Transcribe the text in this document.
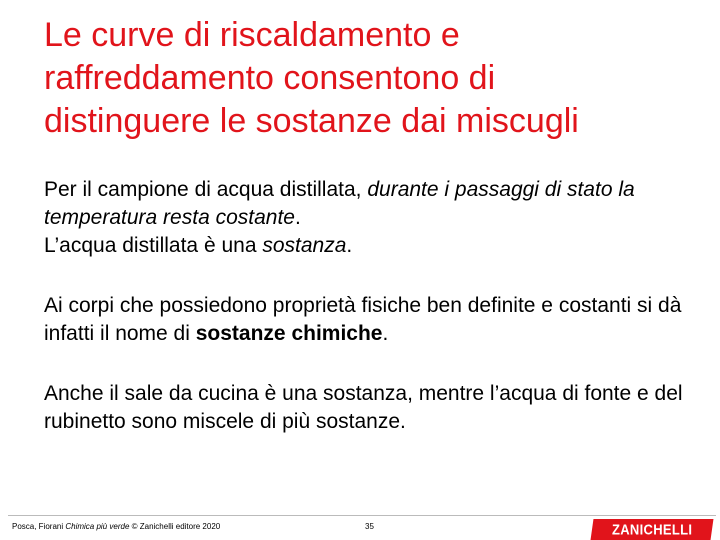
Le curve di riscaldamento e
raffreddamento consentono di
distinguere le sostanze dai miscugli

Per il campione di acqua distillata, durante i passaggi di stato la temperatura resta costante.
L’acqua distillata è una sostanza.

Ai corpi che possiedono proprietà fisiche ben definite e costanti si dà infatti il nome di sostanze chimiche.

Anche il sale da cucina è una sostanza, mentre l’acqua di fonte e del rubinetto sono miscele di più sostanze.

Posca, Fiorani Chimica più verde © Zanichelli editore 2020	35	ZANICHELLI
